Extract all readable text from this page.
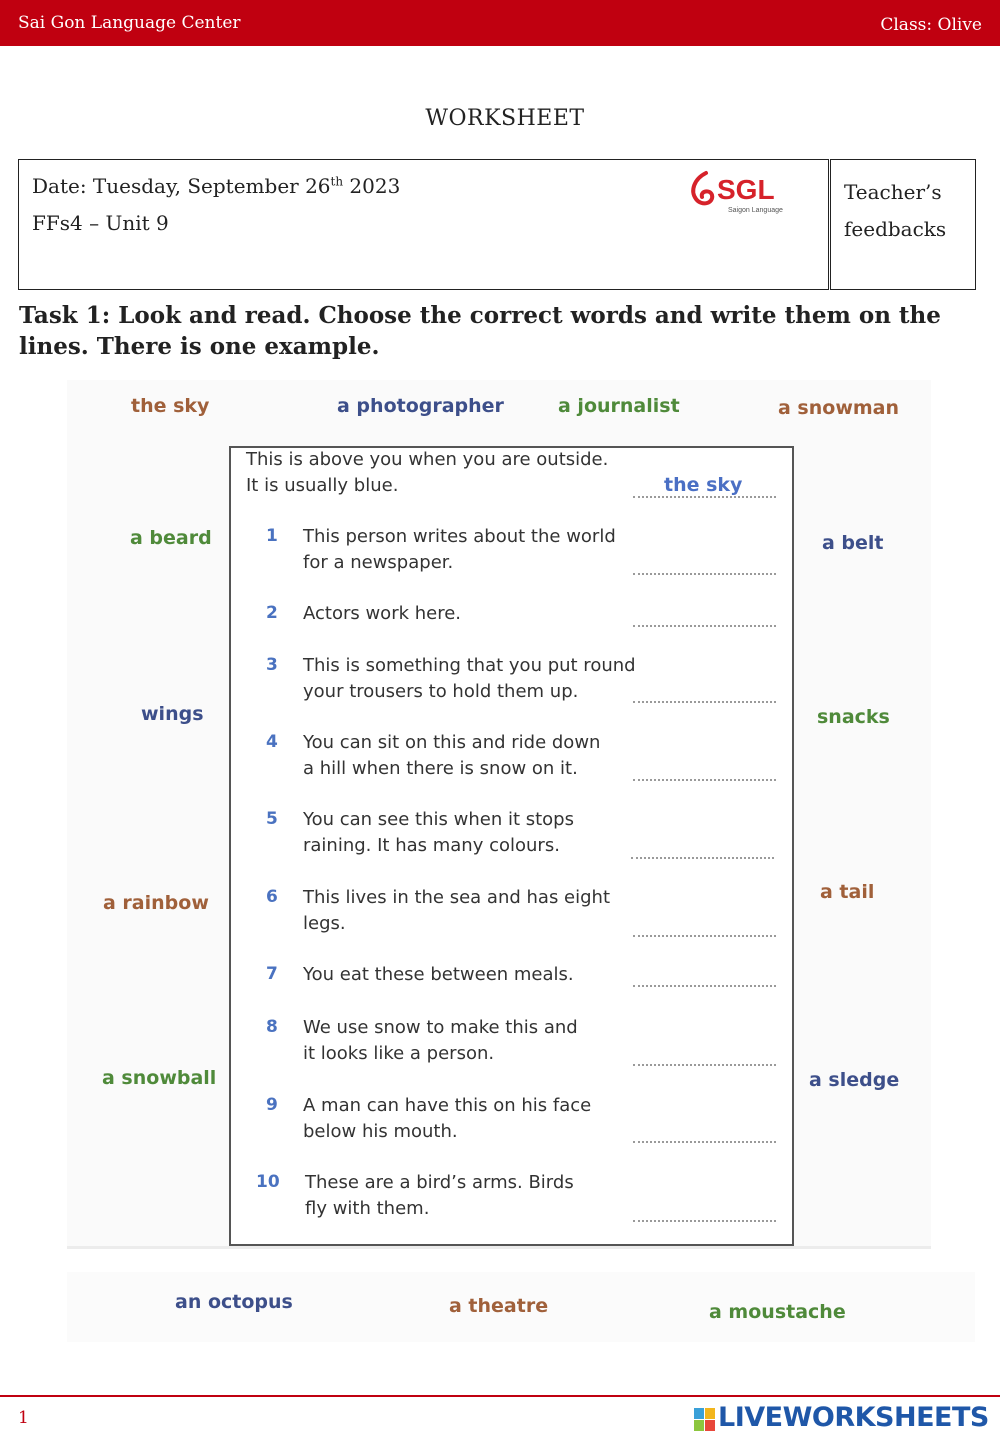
Sai Gon Language Center	Class: Olive
WORKSHEET
Date: Tuesday, September 26th 2023
FFs4 – Unit 9
SGL
Saigon Language
Teacher’s
feedbacks
Task 1: Look and read. Choose the correct words and write them on the lines. There is one example.
the sky	a photographer	a journalist	a snowman
a beard
wings
a rainbow
a snowball
a belt
snacks
a tail
a sledge
an octopus	a theatre	a moustache
This is above you when you are outside.
It is usually blue.	the sky
1 This person writes about the world
for a newspaper.
2 Actors work here.
3 This is something that you put round
your trousers to hold them up.
4 You can sit on this and ride down
a hill when there is snow on it.
5 You can see this when it stops
raining. It has many colours.
6 This lives in the sea and has eight
legs.
7 You eat these between meals.
8 We use snow to make this and
it looks like a person.
9 A man can have this on his face
below his mouth.
10 These are a bird’s arms. Birds
fly with them.
1	LIVEWORKSHEETS
